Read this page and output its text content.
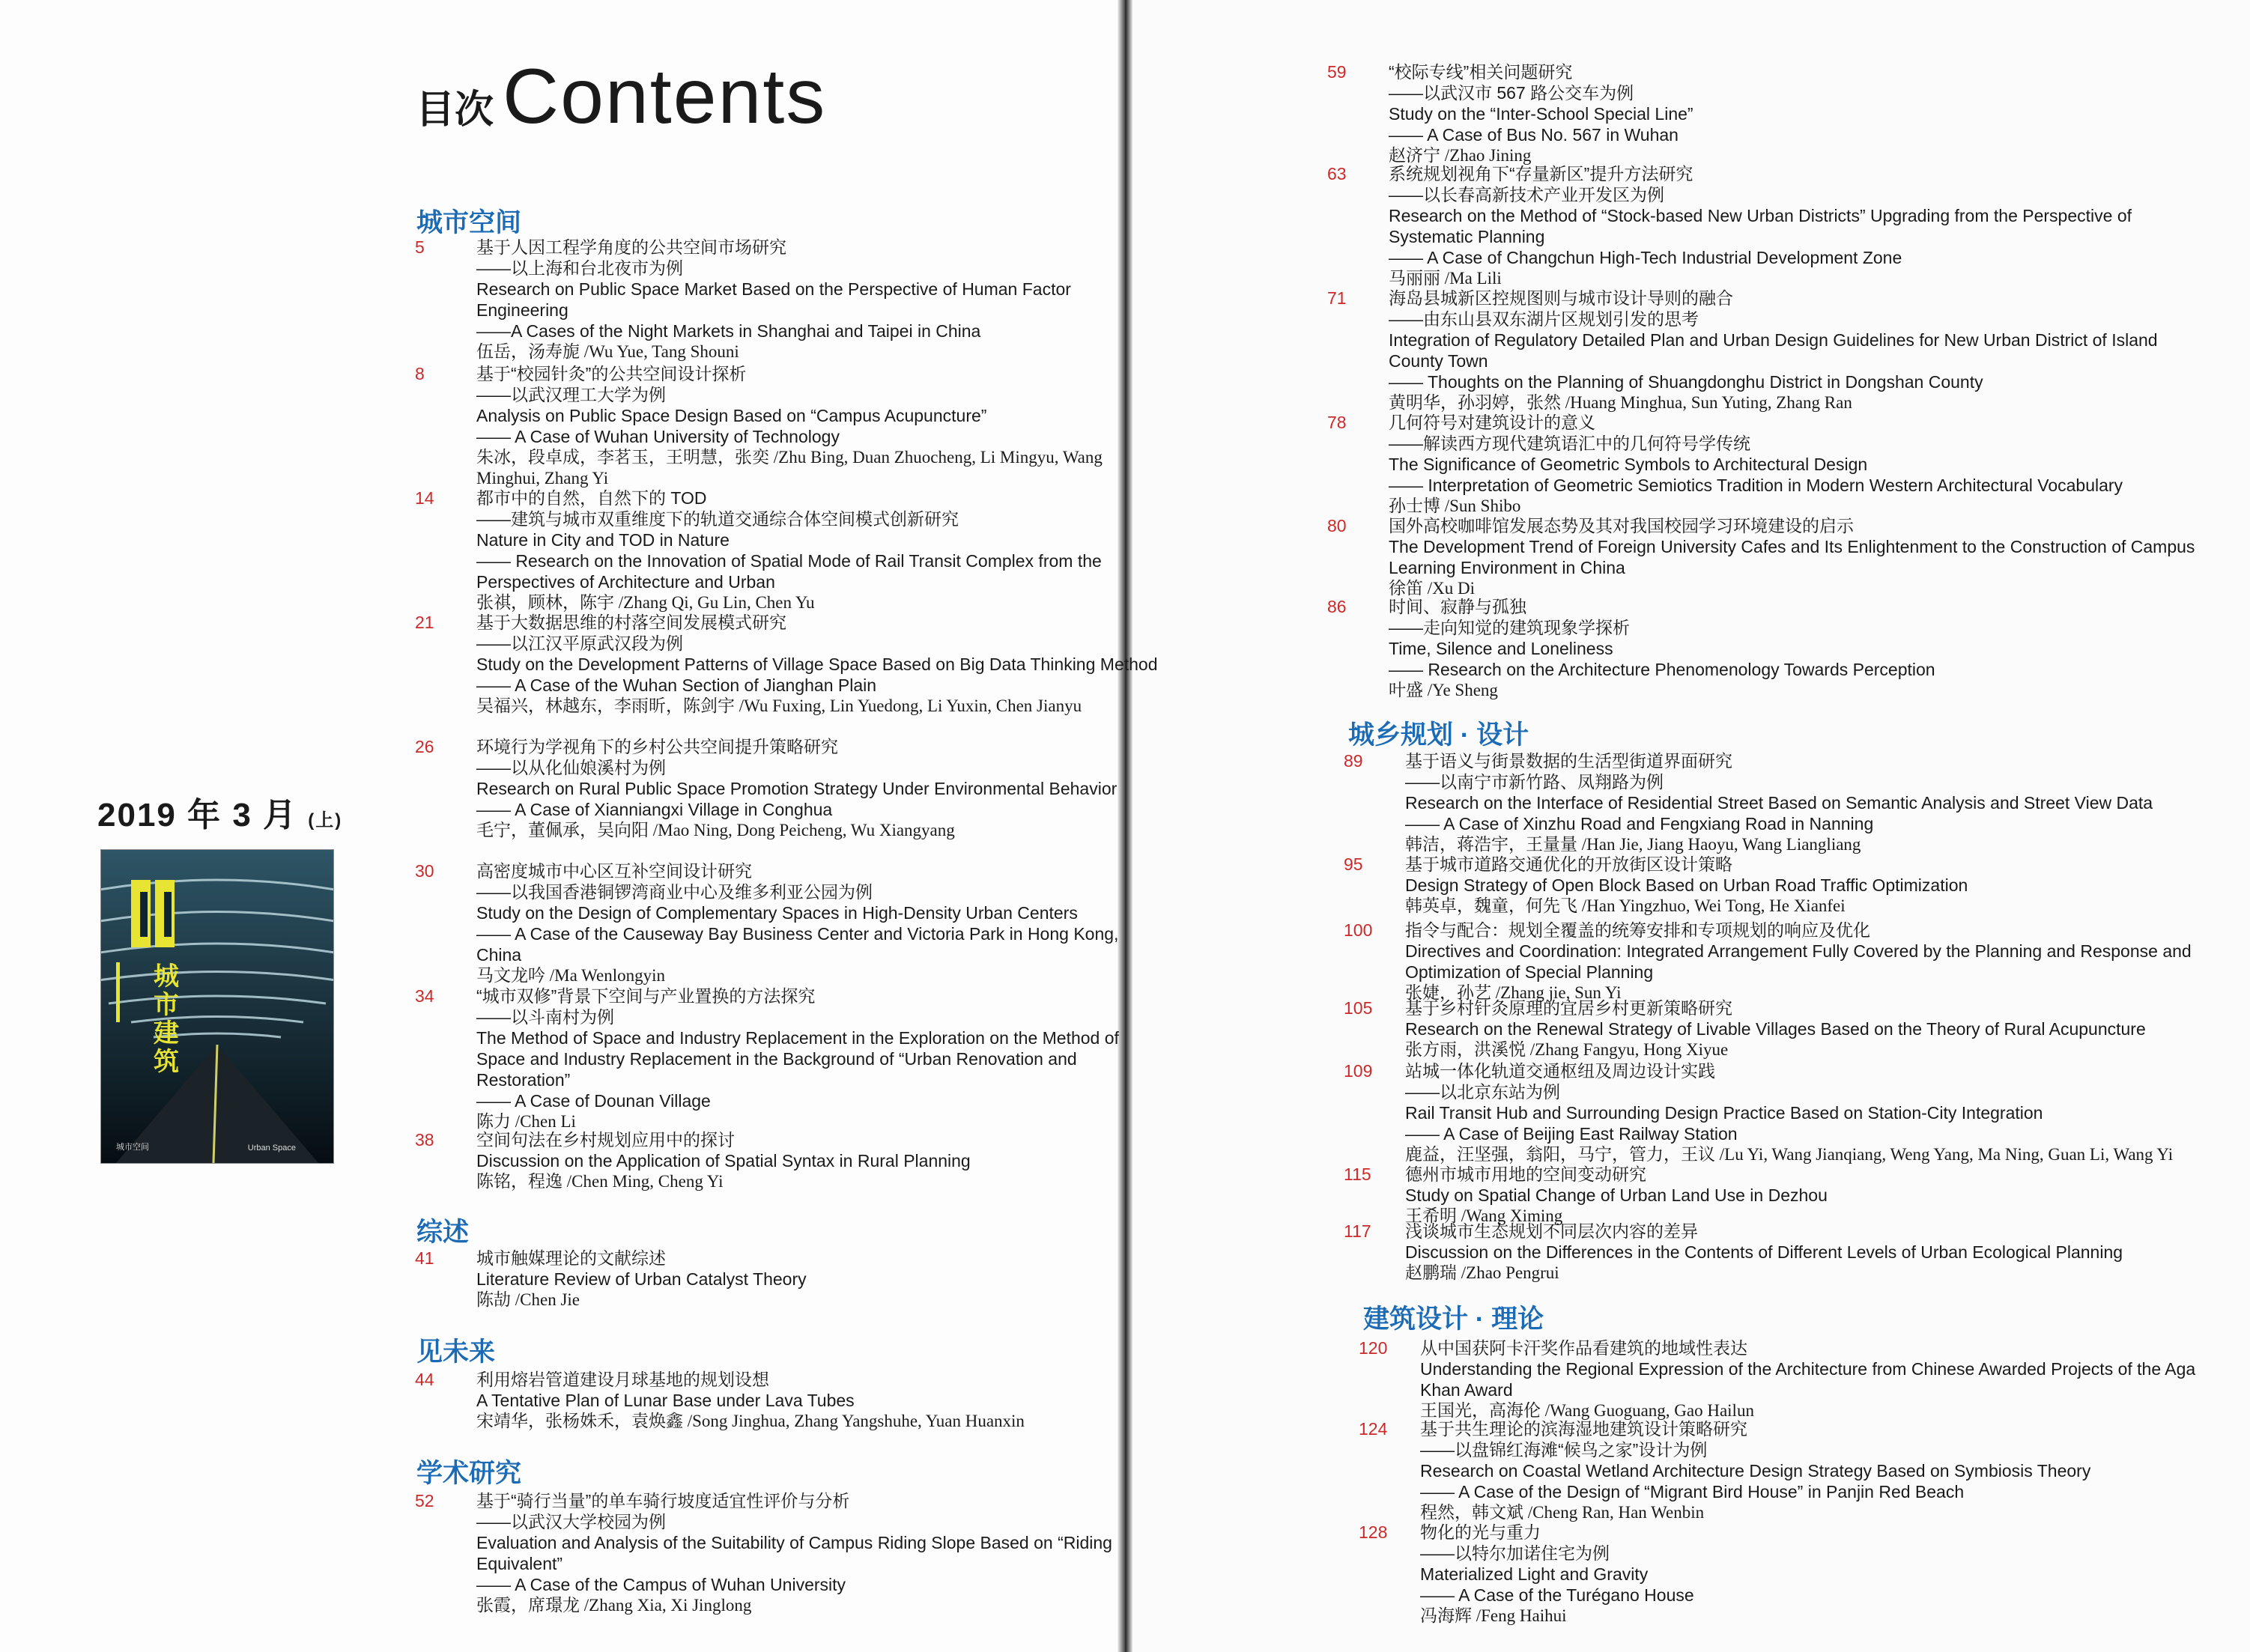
目次 Contents
2019 年 3 月 (上)
城市建筑
城市空间	Urban Space
城市空间
5	基于人因工程学角度的公共空间市场研究
——以上海和台北夜市为例
Research on Public Space Market Based on the Perspective of Human Factor Engineering
——A Cases of the Night Markets in Shanghai and Taipei in China
伍岳，汤寿旎 /Wu Yue, Tang Shouni
8	基于“校园针灸”的公共空间设计探析
——以武汉理工大学为例
Analysis on Public Space Design Based on “Campus Acupuncture”
—— A Case of Wuhan University of Technology
朱冰，段卓成，李茗玉，王明慧，张奕 /Zhu Bing, Duan Zhuocheng, Li Mingyu, Wang Minghui, Zhang Yi
14 都市中的自然，自然下的 TOD
——建筑与城市双重维度下的轨道交通综合体空间模式创新研究
Nature in City and TOD in Nature
—— Research on the Innovation of Spatial Mode of Rail Transit Complex from the Perspectives of Architecture and Urban
张祺，顾林，陈宇 /Zhang Qi, Gu Lin, Chen Yu
21 基于大数据思维的村落空间发展模式研究
——以江汉平原武汉段为例
Study on the Development Patterns of Village Space Based on Big Data Thinking Method
—— A Case of the Wuhan Section of Jianghan Plain
吴福兴，林越东，李雨昕，陈剑宇 /Wu Fuxing, Lin Yuedong, Li Yuxin, Chen Jianyu
26 环境行为学视角下的乡村公共空间提升策略研究
——以从化仙娘溪村为例
Research on Rural Public Space Promotion Strategy Under Environmental Behavior
—— A Case of Xianniangxi Village in Conghua
毛宁，董佩承，吴向阳 /Mao Ning, Dong Peicheng, Wu Xiangyang
30 高密度城市中心区互补空间设计研究
——以我国香港铜锣湾商业中心及维多利亚公园为例
Study on the Design of Complementary Spaces in High-Density Urban Centers
—— A Case of the Causeway Bay Business Center and Victoria Park in Hong Kong, China
马文龙吟 /Ma Wenlongyin
34 “城市双修”背景下空间与产业置换的方法探究
——以斗南村为例
The Method of Space and Industry Replacement in the Exploration on the Method of Space and Industry Replacement in the Background of “Urban Renovation and Restoration”
—— A Case of Dounan Village
陈力 /Chen Li
38 空间句法在乡村规划应用中的探讨
Discussion on the Application of Spatial Syntax in Rural Planning
陈铭，程逸 /Chen Ming, Cheng Yi
综述
41 城市触媒理论的文献综述
Literature Review of Urban Catalyst Theory
陈劼 /Chen Jie
见未来
44 利用熔岩管道建设月球基地的规划设想
A Tentative Plan of Lunar Base under Lava Tubes
宋靖华，张杨姝禾，袁焕鑫 /Song Jinghua, Zhang Yangshuhe, Yuan Huanxin
学术研究
52 基于“骑行当量”的单车骑行坡度适宜性评价与分析
——以武汉大学校园为例
Evaluation and Analysis of the Suitability of Campus Riding Slope Based on “Riding Equivalent”
—— A Case of the Campus of Wuhan University
张霞，席璟龙 /Zhang Xia, Xi Jinglong
59 “校际专线”相关问题研究
——以武汉市 567 路公交车为例
Study on the “Inter-School Special Line”
—— A Case of Bus No. 567 in Wuhan
赵济宁 /Zhao Jining
63 系统规划视角下“存量新区”提升方法研究
——以长春高新技术产业开发区为例
Research on the Method of “Stock-based New Urban Districts” Upgrading from the Perspective of Systematic Planning
—— A Case of Changchun High-Tech Industrial Development Zone
马丽丽 /Ma Lili
71 海岛县城新区控规图则与城市设计导则的融合
——由东山县双东湖片区规划引发的思考
Integration of Regulatory Detailed Plan and Urban Design Guidelines for New Urban District of Island County Town
—— Thoughts on the Planning of Shuangdonghu District in Dongshan County
黄明华，孙羽婷，张然 /Huang Minghua, Sun Yuting, Zhang Ran
78 几何符号对建筑设计的意义
——解读西方现代建筑语汇中的几何符号学传统
The Significance of Geometric Symbols to Architectural Design
—— Interpretation of Geometric Semiotics Tradition in Modern Western Architectural Vocabulary
孙士博 /Sun Shibo
80 国外高校咖啡馆发展态势及其对我国校园学习环境建设的启示
The Development Trend of Foreign University Cafes and Its Enlightenment to the Construction of Campus Learning Environment in China
徐笛 /Xu Di
86 时间、寂静与孤独
——走向知觉的建筑现象学探析
Time, Silence and Loneliness
—— Research on the Architecture Phenomenology Towards Perception
叶盛 /Ye Sheng
城乡规划 · 设计
89 基于语义与街景数据的生活型街道界面研究
——以南宁市新竹路、凤翔路为例
Research on the Interface of Residential Street Based on Semantic Analysis and Street View Data
—— A Case of Xinzhu Road and Fengxiang Road in Nanning
韩洁，蒋浩宇，王量量 /Han Jie, Jiang Haoyu, Wang Liangliang
95 基于城市道路交通优化的开放街区设计策略
Design Strategy of Open Block Based on Urban Road Traffic Optimization
韩英卓，魏童，何先飞 /Han Yingzhuo, Wei Tong, He Xianfei
100 指令与配合：规划全覆盖的统筹安排和专项规划的响应及优化
Directives and Coordination: Integrated Arrangement Fully Covered by the Planning and Response and Optimization of Special Planning
张婕，孙艺 /Zhang jie, Sun Yi
105 基于乡村针灸原理的宜居乡村更新策略研究
Research on the Renewal Strategy of Livable Villages Based on the Theory of Rural Acupuncture
张方雨，洪溪悦 /Zhang Fangyu, Hong Xiyue
109 站城一体化轨道交通枢纽及周边设计实践
——以北京东站为例
Rail Transit Hub and Surrounding Design Practice Based on Station-City Integration
—— A Case of Beijing East Railway Station
鹿益，汪坚强，翁阳，马宁，管力，王议 /Lu Yi, Wang Jianqiang, Weng Yang, Ma Ning, Guan Li, Wang Yi
115 德州市城市用地的空间变动研究
Study on Spatial Change of Urban Land Use in Dezhou
王希明 /Wang Ximing
117 浅谈城市生态规划不同层次内容的差异
Discussion on the Differences in the Contents of Different Levels of Urban Ecological Planning
赵鹏瑞 /Zhao Pengrui
建筑设计 · 理论
120 从中国获阿卡汗奖作品看建筑的地域性表达
Understanding the Regional Expression of the Architecture from Chinese Awarded Projects of the Aga Khan Award
王国光，高海伦 /Wang Guoguang, Gao Hailun
124 基于共生理论的滨海湿地建筑设计策略研究
——以盘锦红海滩“候鸟之家”设计为例
Research on Coastal Wetland Architecture Design Strategy Based on Symbiosis Theory
—— A Case of the Design of “Migrant Bird House” in Panjin Red Beach
程然，韩文斌 /Cheng Ran, Han Wenbin
128 物化的光与重力
——以特尔加诺住宅为例
Materialized Light and Gravity
—— A Case of the Turégano House
冯海辉 /Feng Haihui
